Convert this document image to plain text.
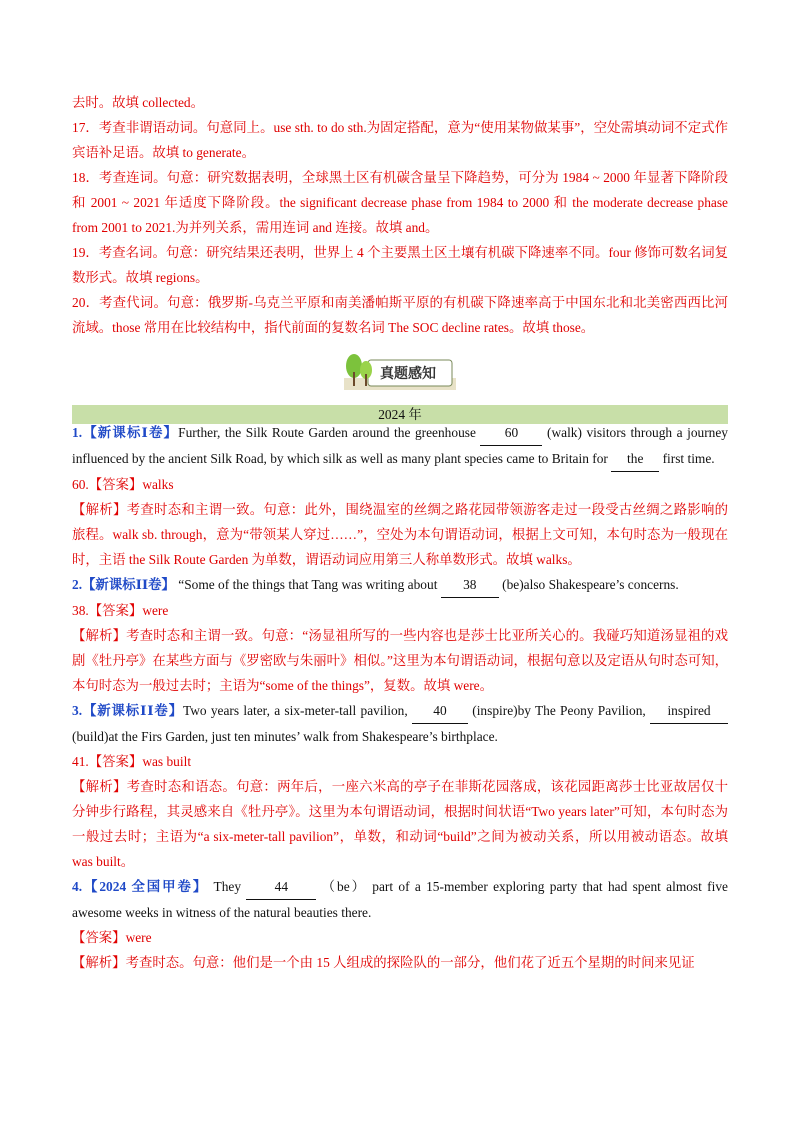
去时。故填 collected。

17．考查非谓语动词。句意同上。use sth. to do sth.为固定搭配，意为“使用某物做某事”，空处需填动词不定式作宾语补足语。故填 to generate。

18．考查连词。句意：研究数据表明，全球黑土区有机碳含量呈下降趋势，可分为 1984 ~ 2000 年显著下降阶段和 2001 ~ 2021 年适度下降阶段。the significant decrease phase from 1984 to 2000 和 the moderate decrease phase from 2001 to 2021.为并列关系，需用连词 and 连接。故填 and。

19．考查名词。句意：研究结果还表明，世界上 4 个主要黑土区土壤有机碳下降速率不同。four 修饰可数名词复数形式。故填 regions。

20．考查代词。句意：俄罗斯-乌克兰平原和南美潘帕斯平原的有机碳下降速率高于中国东北和北美密西西比河流域。those 常用在比较结构中，指代前面的复数名词 The SOC decline rates。故填 those。

真题感知
2024 年

1.【新课标Ⅰ卷】Further, the Silk Route Garden around the greenhouse 60 (walk) visitors through a journey influenced by the ancient Silk Road, by which silk as well as many plant species came to Britain for the first time.

60.【答案】walks

【解析】考查时态和主谓一致。句意：此外，围绕温室的丝绸之路花园带领游客走过一段受古丝绸之路影响的旅程。walk sb. through，意为“带领某人穿过……”，空处为本句谓语动词，根据上文可知，本句时态为一般现在时，主语 the Silk Route Garden 为单数，谓语动词应用第三人称单数形式。故填 walks。

2.【新课标ⅠⅠ卷】 “Some of the things that Tang was writing about 38 (be)also Shakespeare’s concerns.

38.【答案】were

【解析】考查时态和主谓一致。句意：“汤显祖所写的一些内容也是莎士比亚所关心的。我碰巧知道汤显祖的戏剧《牡丹亭》在某些方面与《罗密欧与朱丽叶》相似。”这里为本句谓语动词，根据句意以及定语从句时态可知，本句时态为一般过去时；主语为“some of the things”，复数。故填 were。

3.【新课标ⅠⅠ卷】Two years later, a six-meter-tall pavilion, 40 (inspire)by The Peony Pavilion, inspired (build)at the Firs Garden, just ten minutes’ walk from Shakespeare’s birthplace.

41.【答案】was built

【解析】考查时态和语态。句意：两年后，一座六米高的亭子在菲斯花园落成，该花园距离莎士比亚故居仅十分钟步行路程，其灵感来自《牡丹亭》。这里为本句谓语动词，根据时间状语“Two years later”可知，本句时态为一般过去时；主语为“a six-meter-tall pavilion”，单数，和动词“build”之间为被动关系，所以用被动语态。故填 was built。

4.【2024 全国甲卷】 They 44 （be） part of a 15-member exploring party that had spent almost five awesome weeks in witness of the natural beauties there.

【答案】were

【解析】考查时态。句意：他们是一个由 15 人组成的探险队的一部分，他们花了近五个星期的时间来见证
